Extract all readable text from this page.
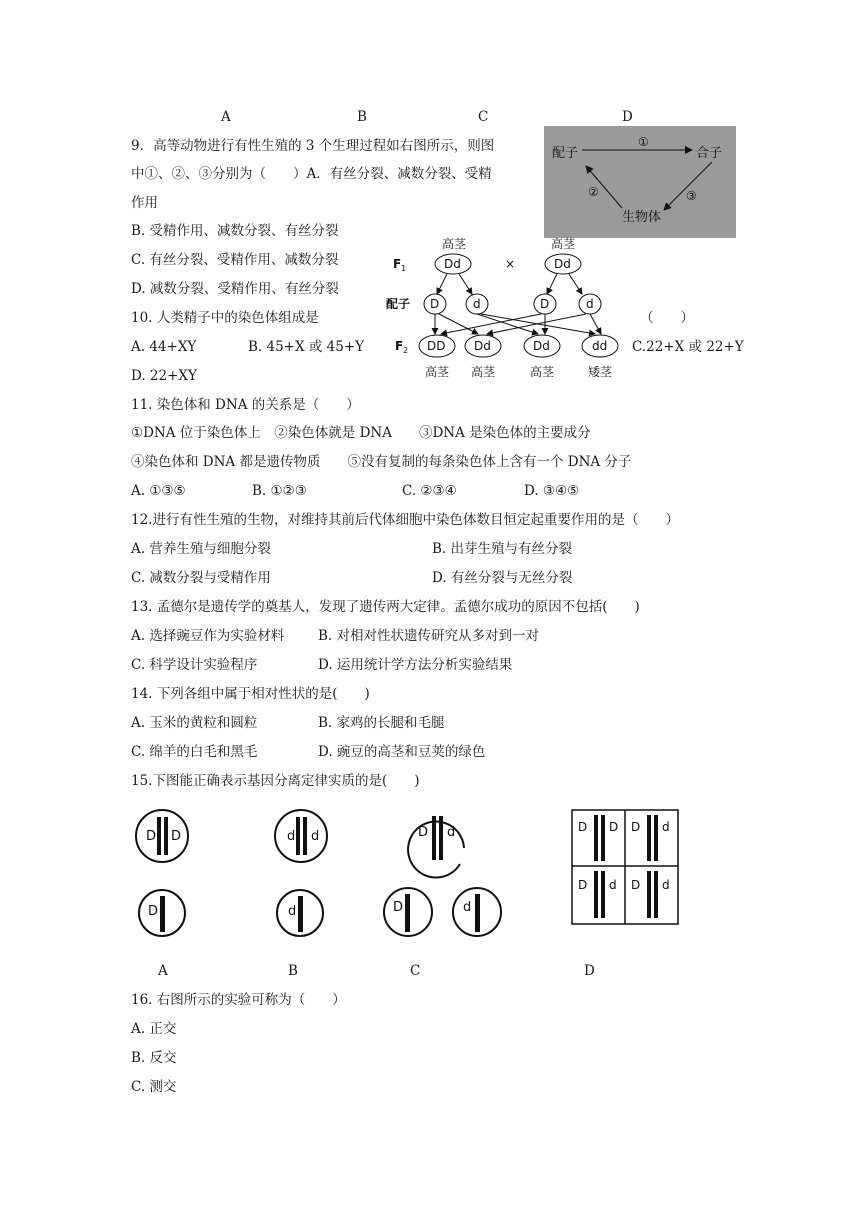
A	B	C	D
9．高等动物进行有性生殖的 3 个生理过程如右图所示，则图
中①、②、③分别为（　　）A．有丝分裂、减数分裂、受精
作用
B. 受精作用、减数分裂、有丝分裂
C. 有丝分裂、受精作用、减数分裂
D. 减数分裂、受精作用、有丝分裂
配子	合子
生物体
①
②	③
高茎	高茎
F 1	×
配子
F 2
Dd	Dd
D	d	D	d
DD Dd	Dd	dd
高茎 高茎	高茎	矮茎
10. 人类精子中的染色体组成是	（　　）
A. 44+XY	B. 45+X 或 45+Y	C.22+X 或 22+Y
D. 22+XY
11. 染色体和 DNA 的关系是（　　）
①DNA 位于染色体上　②染色体就是 DNA　　③DNA 是染色体的主要成分
④染色体和 DNA 都是遗传物质　　⑤没有复制的每条染色体上含有一个 DNA 分子
A. ①③⑤	B. ①②③	C. ②③④	D. ③④⑤
12.进行有性生殖的生物，对维持其前后代体细胞中染色体数目恒定起重要作用的是（　　）
A. 营养生殖与细胞分裂	B. 出芽生殖与有丝分裂
C. 减数分裂与受精作用	D. 有丝分裂与无丝分裂
13. 孟德尔是遗传学的奠基人，发现了遗传两大定律。孟德尔成功的原因不包括(　　)
A. 选择豌豆作为实验材料 B. 对相对性状遗传研究从多对到一对
C. 科学设计实验程序	D. 运用统计学方法分析实验结果
14. 下列各组中属于相对性状的是(　　)
A. 玉米的黄粒和圆粒	B. 家鸡的长腿和毛腿
C. 绵羊的白毛和黑毛	D. 豌豆的高茎和豆荚的绿色
15.下图能正确表示基因分离定律实质的是(　　)
D D
D
d d
d
D d
D	d
D D D d
D d D d
A	B	C	D
16. 右图所示的实验可称为（　　）
A. 正交
B. 反交
C. 测交
